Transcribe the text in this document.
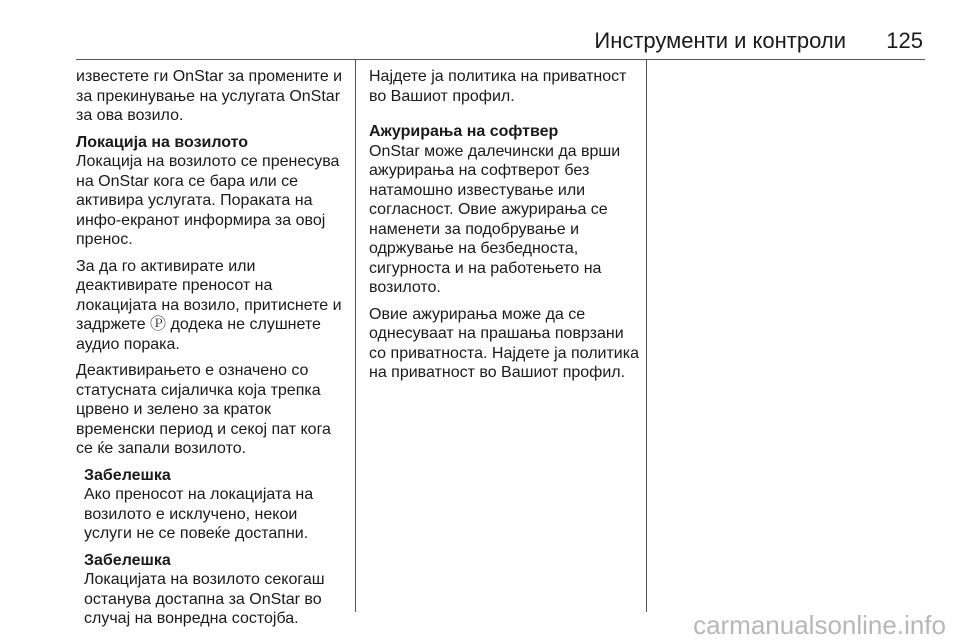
Инструменти и контроли 125

известете ги OnStar за промените и за прекинувањe на услугата OnStar за ова возило.

Локација на возилото

Локација на возилото се пренесува на OnStar кога се бара или се активира услугата. Пораката на инфо-екранот информира за овој пренос.

За да го активирате или деактивирате преносот на локацијата на возило, притиснете и задржете Ⓟ додека не слушнете аудио порака.

Деактивирањето е означено со статусната сијаличка која трепка црвено и зелено за краток временски период и секој пат кога се ќе запали возилото.

Забелешка

Ако преносот на локацијата на возилото е исклучено, некои услуги не се повеќе достапни.

Забелешка

Локацијата на возилото секогаш останува достапна за OnStar во случај на вонредна состојба.

Најдете ја политика на приватност во Вашиот профил.

Ажурирања на софтвер

OnStar може далечински да врши ажурирања на софтверот без натамошно известување или согласност. Овие ажурирања се наменети за подобрување и одржување на безбедноста, сигурноста и на работењето на возилото.

Овие ажурирања може да се однесуваат на прашања поврзани со приватноста. Најдете ја политика на приватност во Вашиот профил.

carmanualsonline.info
